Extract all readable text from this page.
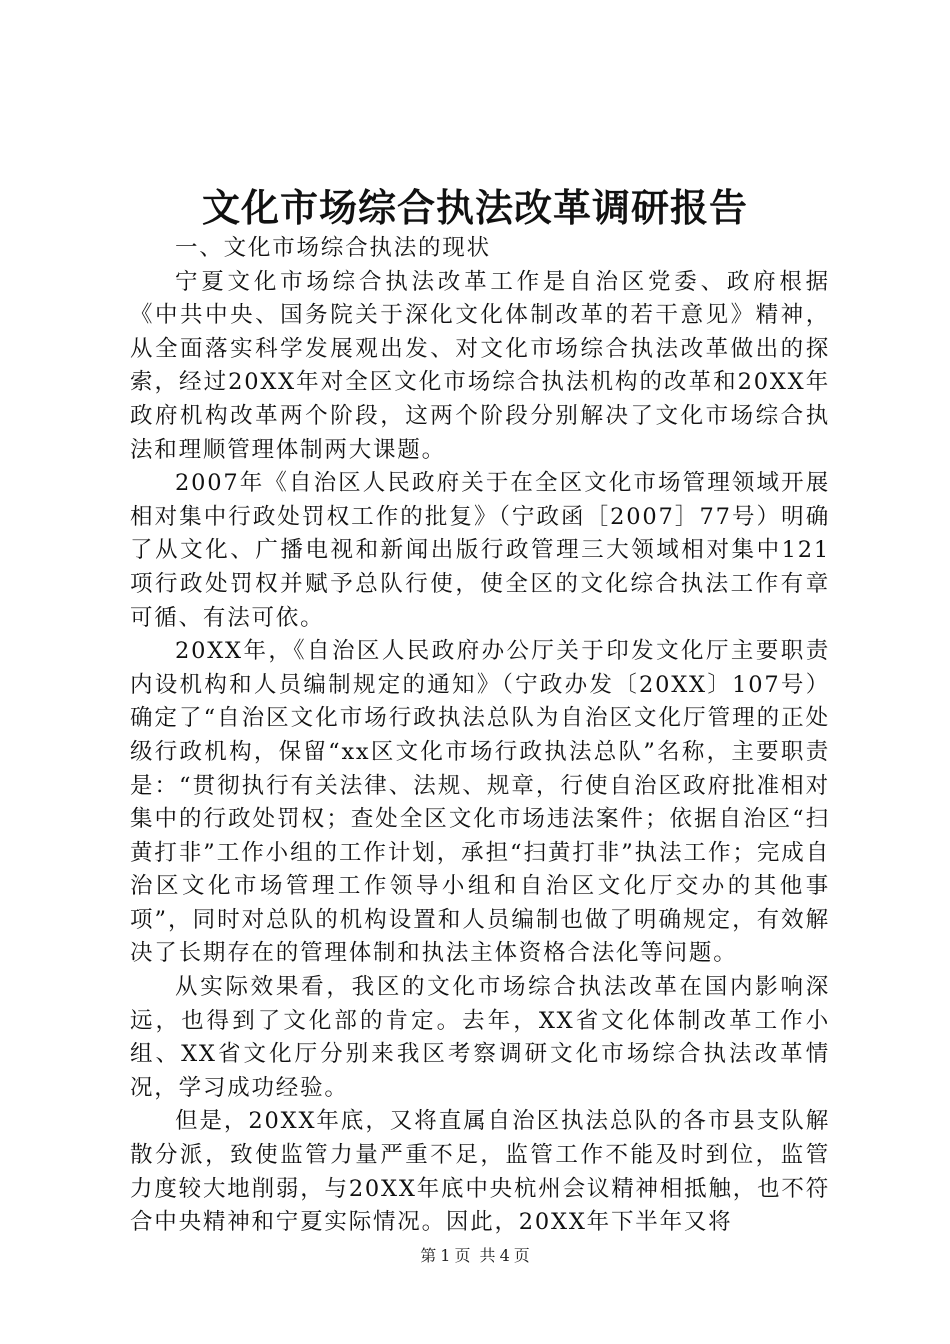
文化市场综合执法改革调研报告

一、文化市场综合执法的现状

宁夏文化市场综合执法改革工作是自治区党委、政府根据《中共中央、国务院关于深化文化体制改革的若干意见》精神，从全面落实科学发展观出发、对文化市场综合执法改革做出的探索，经过20XX年对全区文化市场综合执法机构的改革和20XX年政府机构改革两个阶段，这两个阶段分别解决了文化市场综合执法和理顺管理体制两大课题。

2007年《自治区人民政府关于在全区文化市场管理领域开展相对集中行政处罚权工作的批复》（宁政函［2007］77号）明确了从文化、广播电视和新闻出版行政管理三大领域相对集中121项行政处罚权并赋予总队行使，使全区的文化综合执法工作有章可循、有法可依。

20XX年，《自治区人民政府办公厅关于印发文化厅主要职责内设机构和人员编制规定的通知》（宁政办发〔20XX〕107号）确定了“自治区文化市场行政执法总队为自治区文化厅管理的正处级行政机构，保留“xx区文化市场行政执法总队”名称，主要职责是：“贯彻执行有关法律、法规、规章，行使自治区政府批准相对集中的行政处罚权；查处全区文化市场违法案件；依据自治区“扫黄打非”工作小组的工作计划，承担“扫黄打非”执法工作；完成自治区文化市场管理工作领导小组和自治区文化厅交办的其他事项”，同时对总队的机构设置和人员编制也做了明确规定，有效解决了长期存在的管理体制和执法主体资格合法化等问题。

从实际效果看，我区的文化市场综合执法改革在国内影响深远，也得到了文化部的肯定。去年，XX省文化体制改革工作小组、XX省文化厅分别来我区考察调研文化市场综合执法改革情况，学习成功经验。

但是，20XX年底，又将直属自治区执法总队的各市县支队解散分派，致使监管力量严重不足，监管工作不能及时到位，监管力度较大地削弱，与20XX年底中央杭州会议精神相抵触，也不符合中央精神和宁夏实际情况。因此，20XX年下半年又将

第 1 页 共 4 页
